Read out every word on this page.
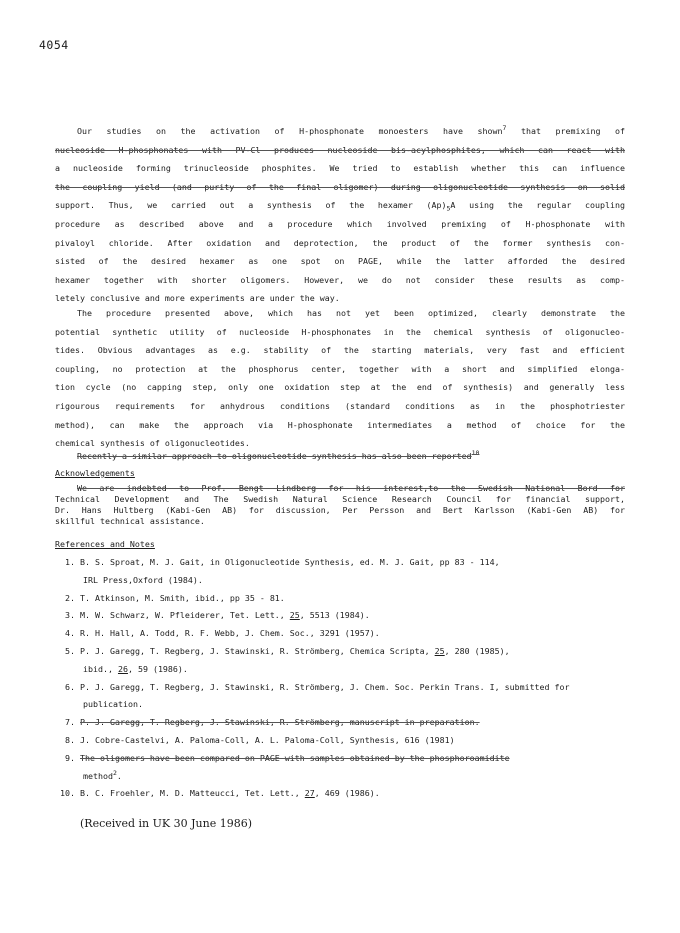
4054
Our studies on the activation of H-phosphonate monoesters have shown$^7$ that premixing of
nucleoside H-phosphonates with PV-Cl produces nucleoside bis-acylphosphites, which can react with
a nucleoside forming trinucleoside phosphites. We tried to establish whether this can influence
the coupling yield (and purity of the final oligomer) during oligonucleotide synthesis on solid
support. Thus, we carried out a synthesis of the hexamer $(Ap)_5A$ using the regular coupling
procedure as described above and a procedure which involved premixing of H-phosphonate with
pivaloyl chloride. After oxidation and deprotection, the product of the former synthesis con-
sisted of the desired hexamer as one spot on PAGE, while the latter afforded the desired
hexamer together with shorter oligomers. However, we do not consider these results as comp-
letely conclusive and more experiments are under the way.
The procedure presented above, which has not yet been optimized, clearly demonstrate the
potential synthetic utility of nucleoside H-phosphonates in the chemical synthesis of oligonucleo-
tides. Obvious advantages as e.g. stability of the starting materials, very fast and efficient
coupling, no protection at the phosphorus center, together with a short and simplified elonga-
tion cycle (no capping step, only one oxidation step at the end of synthesis) and generally less
rigourous requirements for anhydrous conditions (standard conditions as in the phosphotriester
method), can make the approach via H-phosphonate intermediates a method of choice for the
chemical synthesis of oligonucleotides.
Recently a similar approach to oligonucleotide synthesis has also been reported$^{10}$
Acknowledgements
We are indebted to Prof. Bengt Lindberg for his interest,to the Swedish National Bord for
Technical Development and The Swedish Natural Science Research Council for financial support,
Dr. Hans Hultberg (Kabi-Gen AB) for discussion, Per Persson and Bert Karlsson (Kabi-Gen AB) for
skillful technical assistance.
References and Notes
1. B. S. Sproat, M. J. Gait, in Oligonucleotide Synthesis, ed. M. J. Gait, pp 83 - 114,
IRL Press,Oxford (1984).
2. T. Atkinson, M. Smith, ibid., pp 35 - 81.
3. M. W. Schwarz, W. Pfleiderer, Tet. Lett., 25, 5513 (1984).
4. R. H. Hall, A. Todd, R. F. Webb, J. Chem. Soc., 3291 (1957).
5. P. J. Garegg, T. Regberg, J. Stawinski, R. Strömberg, Chemica Scripta, 25, 280 (1985),
ibid., 26, 59 (1986).
6. P. J. Garegg, T. Regberg, J. Stawinski, R. Strömberg, J. Chem. Soc. Perkin Trans. I, submitted for
publication.
7. P. J. Garegg, T. Regberg, J. Stawinski, R. Strömberg, manuscript in preparation.
8. J. Cobre-Castelvi, A. Paloma-Coll, A. L. Paloma-Coll, Synthesis, 616 (1981)
9. The oligomers have been compared on PAGE with samples obtained by the phosphoroamidite
method$^2$.
10. B. C. Froehler, M. D. Matteucci, Tet. Lett., 27, 469 (1986).
(Received in UK 30 June 1986)
